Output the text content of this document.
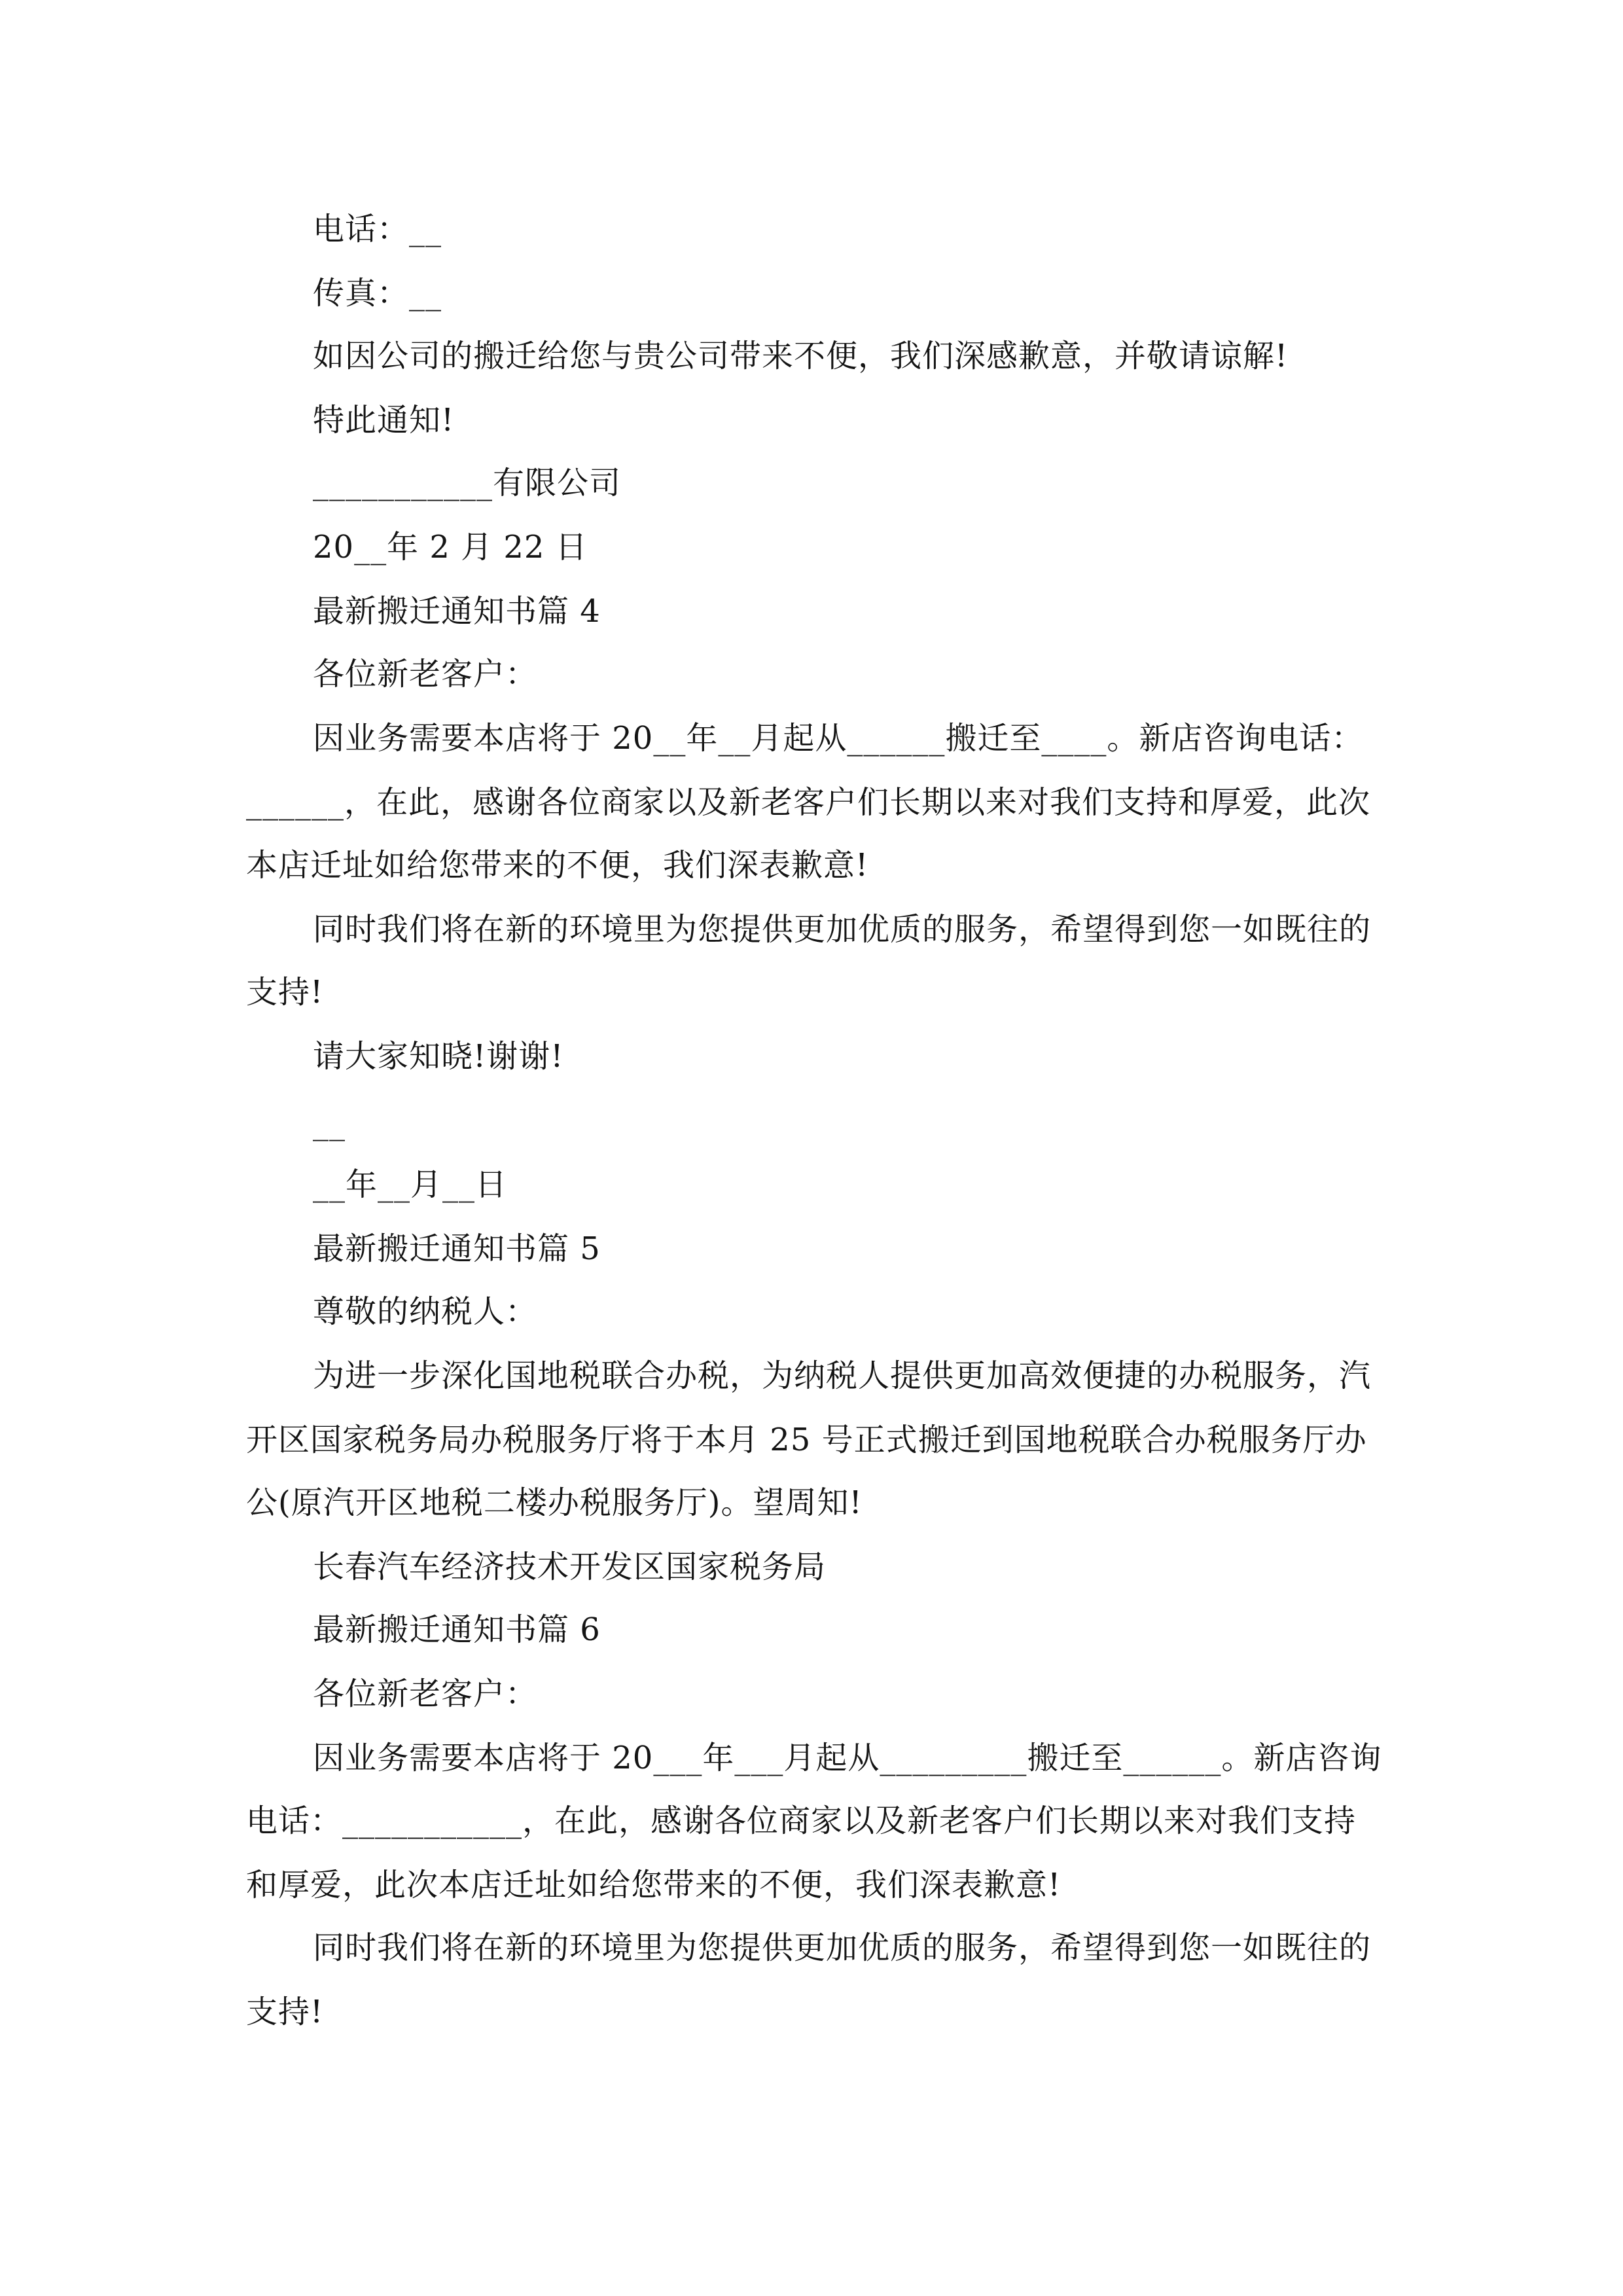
电话：__
传真：__
如因公司的搬迁给您与贵公司带来不便，我们深感歉意，并敬请谅解!
特此通知!
___________有限公司
20__年 2 月 22 日
最新搬迁通知书篇 4
各位新老客户：
因业务需要本店将于 20__年__月起从______搬迁至____。新店咨询电话：
______，在此，感谢各位商家以及新老客户们长期以来对我们支持和厚爱，此次
本店迁址如给您带来的不便，我们深表歉意!
同时我们将在新的环境里为您提供更加优质的服务，希望得到您一如既往的
支持!
请大家知晓!谢谢!
__
__年__月__日
最新搬迁通知书篇 5
尊敬的纳税人：
为进一步深化国地税联合办税，为纳税人提供更加高效便捷的办税服务，汽
开区国家税务局办税服务厅将于本月 25 号正式搬迁到国地税联合办税服务厅办
公(原汽开区地税二楼办税服务厅)。望周知!
长春汽车经济技术开发区国家税务局
最新搬迁通知书篇 6
各位新老客户：
因业务需要本店将于 20___年___月起从_________搬迁至______。新店咨询
电话：___________，在此，感谢各位商家以及新老客户们长期以来对我们支持
和厚爱，此次本店迁址如给您带来的不便，我们深表歉意!
同时我们将在新的环境里为您提供更加优质的服务，希望得到您一如既往的
支持!
